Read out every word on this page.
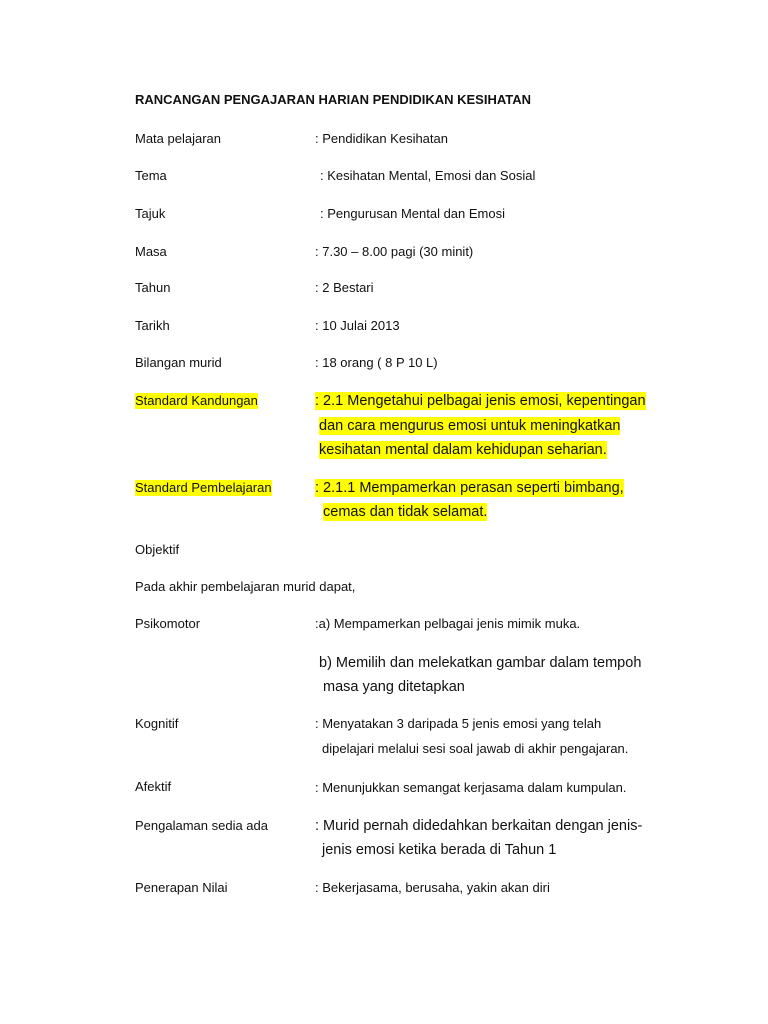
RANCANGAN PENGAJARAN HARIAN PENDIDIKAN KESIHATAN
Mata pelajaran	: Pendidikan Kesihatan
Tema	: Kesihatan Mental, Emosi dan Sosial
Tajuk	: Pengurusan Mental dan Emosi
Masa	: 7.30 – 8.00 pagi (30 minit)
Tahun	: 2 Bestari
Tarikh	: 10 Julai 2013
Bilangan murid	: 18 orang ( 8 P 10 L)
Standard Kandungan	: 2.1 Mengetahui pelbagai jenis emosi, kepentingan
dan cara mengurus emosi untuk meningkatkan
kesihatan mental dalam kehidupan seharian.
Standard Pembelajaran	: 2.1.1 Mempamerkan perasan seperti bimbang,
cemas dan tidak selamat.
Objektif
Pada akhir pembelajaran murid dapat,
Psikomotor	:a) Mempamerkan pelbagai jenis mimik muka.
b) Memilih dan melekatkan gambar dalam tempoh
masa yang ditetapkan
Kognitif	: Menyatakan 3 daripada 5 jenis emosi yang telah
dipelajari melalui sesi soal jawab di akhir pengajaran.
Afektif	: Menunjukkan semangat kerjasama dalam kumpulan.
Pengalaman sedia ada	: Murid pernah didedahkan berkaitan dengan jenis-
jenis emosi ketika berada di Tahun 1
Penerapan Nilai	: Bekerjasama, berusaha, yakin akan diri
